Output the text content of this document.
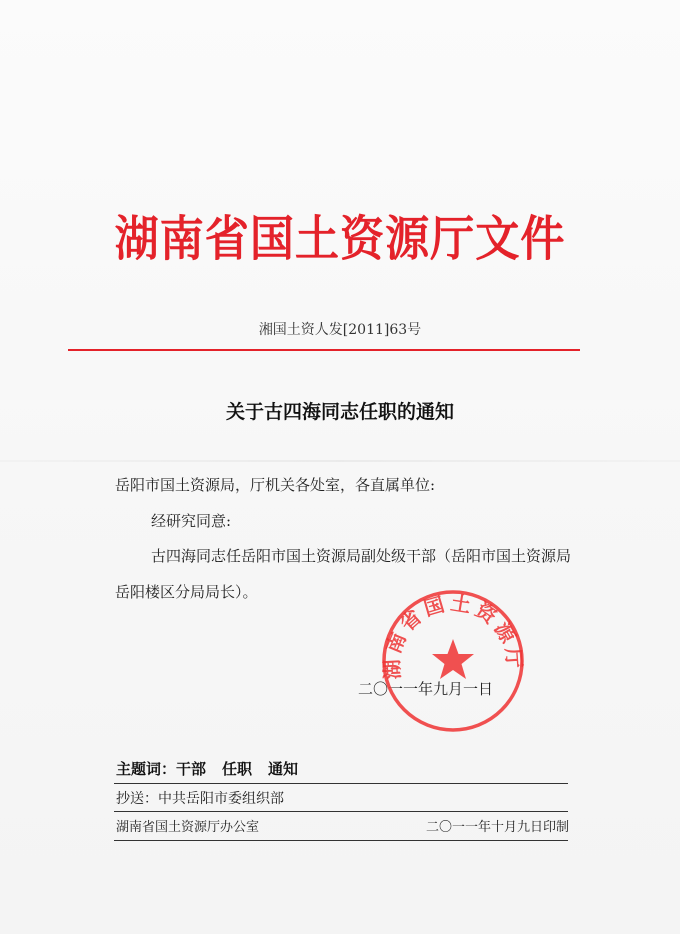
湖南省国土资源厅文件
湘国土资人发[2011]63号
关于古四海同志任职的通知
岳阳市国土资源局，厅机关各处室，各直属单位:
经研究同意:
古四海同志任岳阳市国土资源局副处级干部（岳阳市国土资源局岳阳楼区分局局长）。
二〇一一年九月一日
湖南省国土资源厅
主题词：干部 任职 通知
抄送：中共岳阳市委组织部
湖南省国土资源厅办公室	二〇一一年十月九日印制
